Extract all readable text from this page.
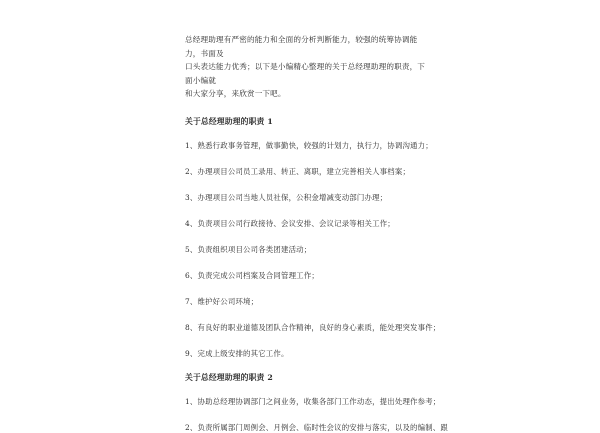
总经理助理有严密的能力和全面的分析判断能力，较强的统筹协调能力，书面及

口头表达能力优秀；以下是小编精心整理的关于总经理助理的职责，下面小编就

和大家分享，来欣赏一下吧。

关于总经理助理的职责 1

1、熟悉行政事务管理，做事勤快，较强的计划力，执行力，协调沟通力；

2、办理项目公司员工录用、转正、离职，建立完善相关人事档案；

3、办理项目公司当地人员社保，公积金增减变动部门办理；

4、负责项目公司行政接待、会议安排、会议记录等相关工作；

5、负责组织项目公司各类团建活动；

6、负责完成公司档案及合同管理工作；

7、维护好公司环境；

8、有良好的职业道德及团队合作精神，良好的身心素质，能处理突发事件；

9、完成上级安排的其它工作。

关于总经理助理的职责 2

1、协助总经理协调部门之间业务，收集各部门工作动态，提出处理作参考；

2、负责所属部门周例会、月例会、临时性会议的安排与落实，以及的编制、跟
